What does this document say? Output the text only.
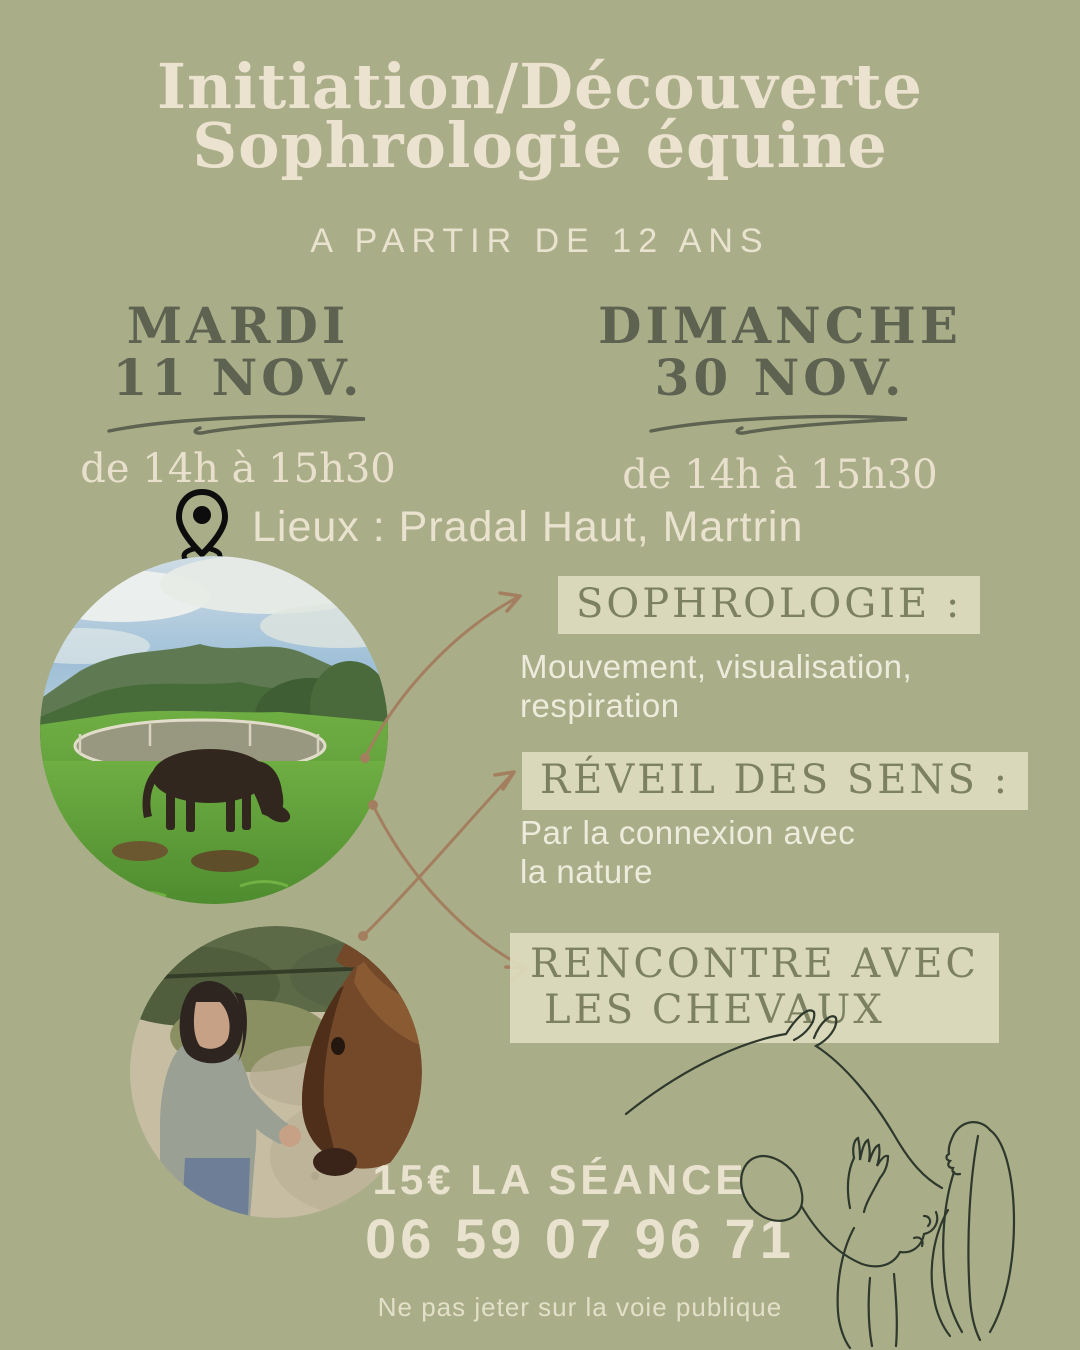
Initiation/Découverte
Sophrologie équine
A PARTIR DE 12 ANS
MARDI
11 NOV.
de 14h à 15h30
DIMANCHE
30 NOV.
de 14h à 15h30
Lieux : Pradal Haut, Martrin
SOPHROLOGIE :
Mouvement, visualisation,
respiration
RÉVEIL DES SENS :
Par la connexion avec
la nature
RENCONTRE AVEC
LES CHEVAUX
15€ LA SÉANCE
06 59 07 96 71
Ne pas jeter sur la voie publique
